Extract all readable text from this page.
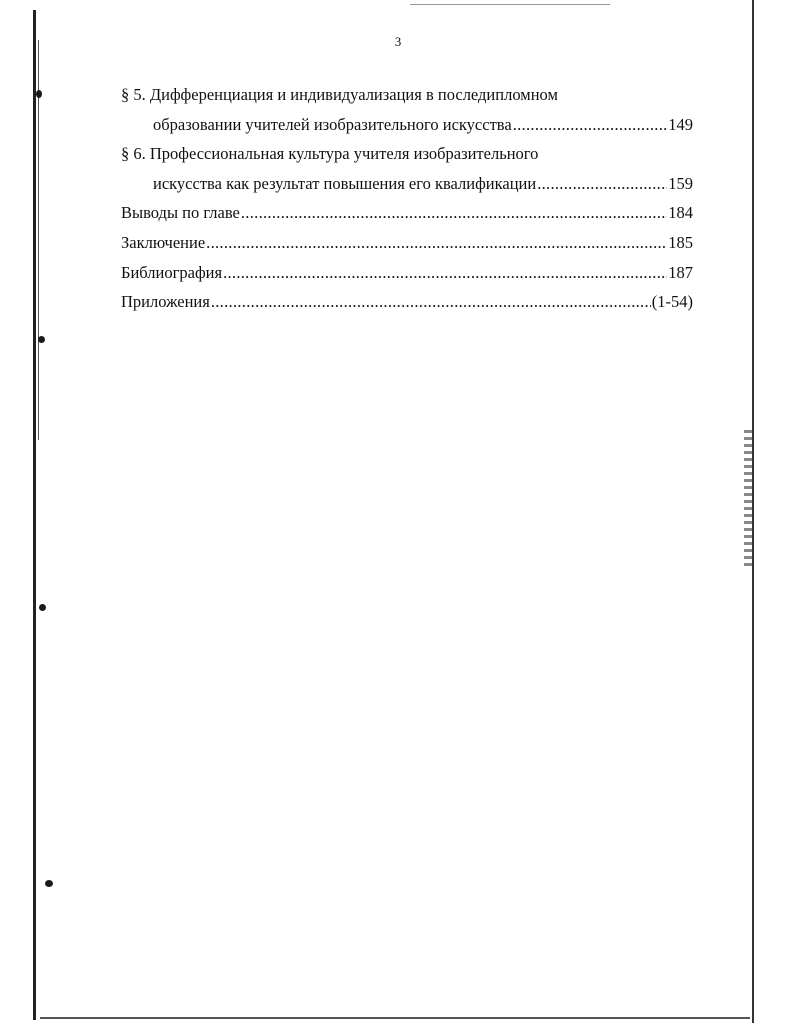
3
§ 5. Дифференциация и индивидуализация в последипломном
образовании учителей изобразительного искусства .....	149
§ 6. Профессиональная культура учителя изобразительного
искусства как результат повышения его квалификации .....	159
Выводы по главе .....	184
Заключение .....	185
Библиография .....	187
Приложения .....	(1-54)
